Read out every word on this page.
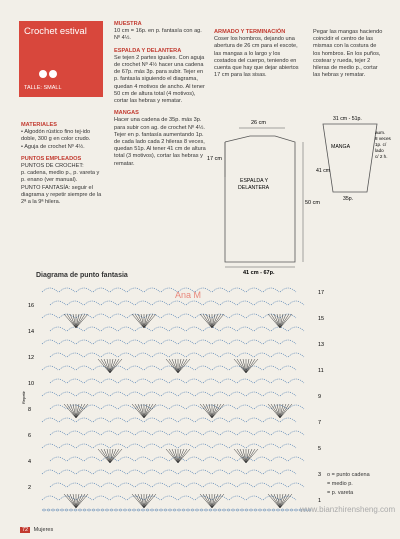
Crochet estival
TALLE: SMALL

MATERIALES

• Algodón rústico fino tej-ido doble, 300 g en color crudo.

• Aguja de crochet Nº 4½.

PUNTOS EMPLEADOS

PUNTOS DE CROCHET:

p. cadena, medio p., p. vareta y p. enano (ver manual).

PUNTO FANTASÍA: seguir el diagrama y repetir siempre de la 2ª a la 9ª hilera.

MUESTRA

10 cm = 16p. en p. fantasía con ag. Nº 4½.

ESPALDA Y DELANTERA

Se tejen 2 partes iguales. Con aguja de crochet Nº 4½ hacer una cadena de 67p. más 3p. para subir. Tejer en p. fantasía siguiendo el diagrama, quedan 4 motivos de ancho. Al tener 50 cm de altura total (4 motivos), cortar las hebras y rematar.

MANGAS

Hacer una cadena de 35p. más 3p. para subir con ag. de crochet Nº 4½. Tejer en p. fantasía aumentando 1p. de cada lado cada 2 hileras 8 veces, quedan 51p. Al tener 41 cm de altura total (3 motivos), cortar las hebras y rematar.

ARMADO Y TERMINACIÓN

Coser los hombros, dejando una abertura de 26 cm para el escote, las mangas a lo largo y los costados del cuerpo, teniendo en cuenta que hay que dejar abiertos 17 cm para las sisas.

Pegar las mangas haciendo coincidir el centro de las mismas con la costura de los hombros. En los puños, costear y rueda, tejer 2 hileras de medio p., cortar las hebras y rematar.

26 cm
17 cm
ESPALDA Y
DELANTERA
50 cm
41 cm - 67p.
31 cm - 51p.
MANGA
41 cm
35p.
aum.
8 veces
1p. c/
lado
c/ 2 h.
Diagrama de punto fantasia
Ana M	17
15
13
11
9
7
5
3
1
16
14
12
10
8
6
4
2
Repetir
o = punto cadena
= medio p.
= p. vareta
www.bianzhirensheng.com
72 Mujeres
